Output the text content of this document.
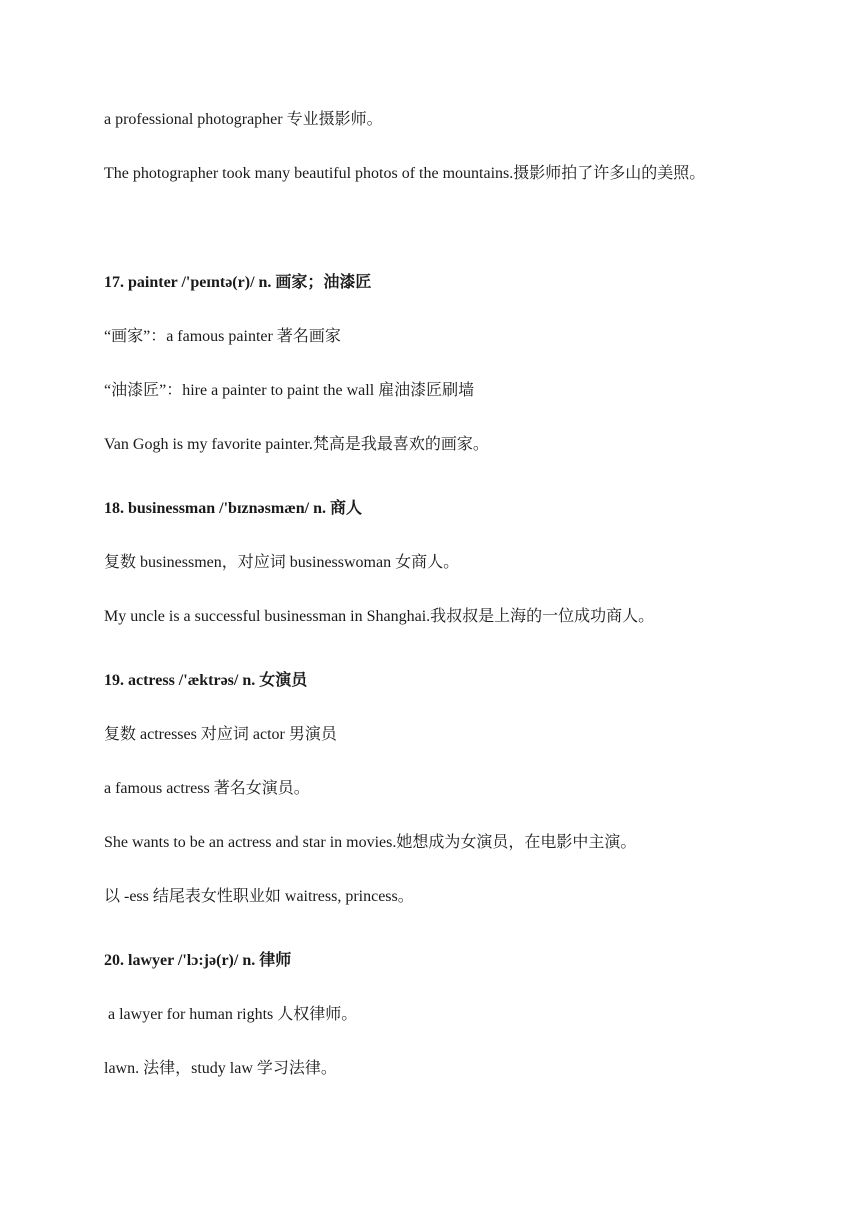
a professional photographer 专业摄影师。
The photographer took many beautiful photos of the mountains.摄影师拍了许多山的美照。
17. painter /'peɪntə(r)/ n. 画家；油漆匠
“画家”：a famous painter 著名画家
“油漆匠”：hire a painter to paint the wall 雇油漆匠刷墙
Van Gogh is my favorite painter.梵高是我最喜欢的画家。
18. businessman /'bɪznəsmæn/ n. 商人
复数 businessmen，对应词 businesswoman 女商人。
My uncle is a successful businessman in Shanghai.我叔叔是上海的一位成功商人。
19. actress /'æktrəs/ n. 女演员
复数 actresses 对应词 actor 男演员
a famous actress 著名女演员。
She wants to be an actress and star in movies.她想成为女演员，在电影中主演。
以 -ess 结尾表女性职业如 waitress, princess。
20. lawyer /'lɔ:jə(r)/ n. 律师
a lawyer for human rights 人权律师。
lawn. 法律，study law 学习法律。
